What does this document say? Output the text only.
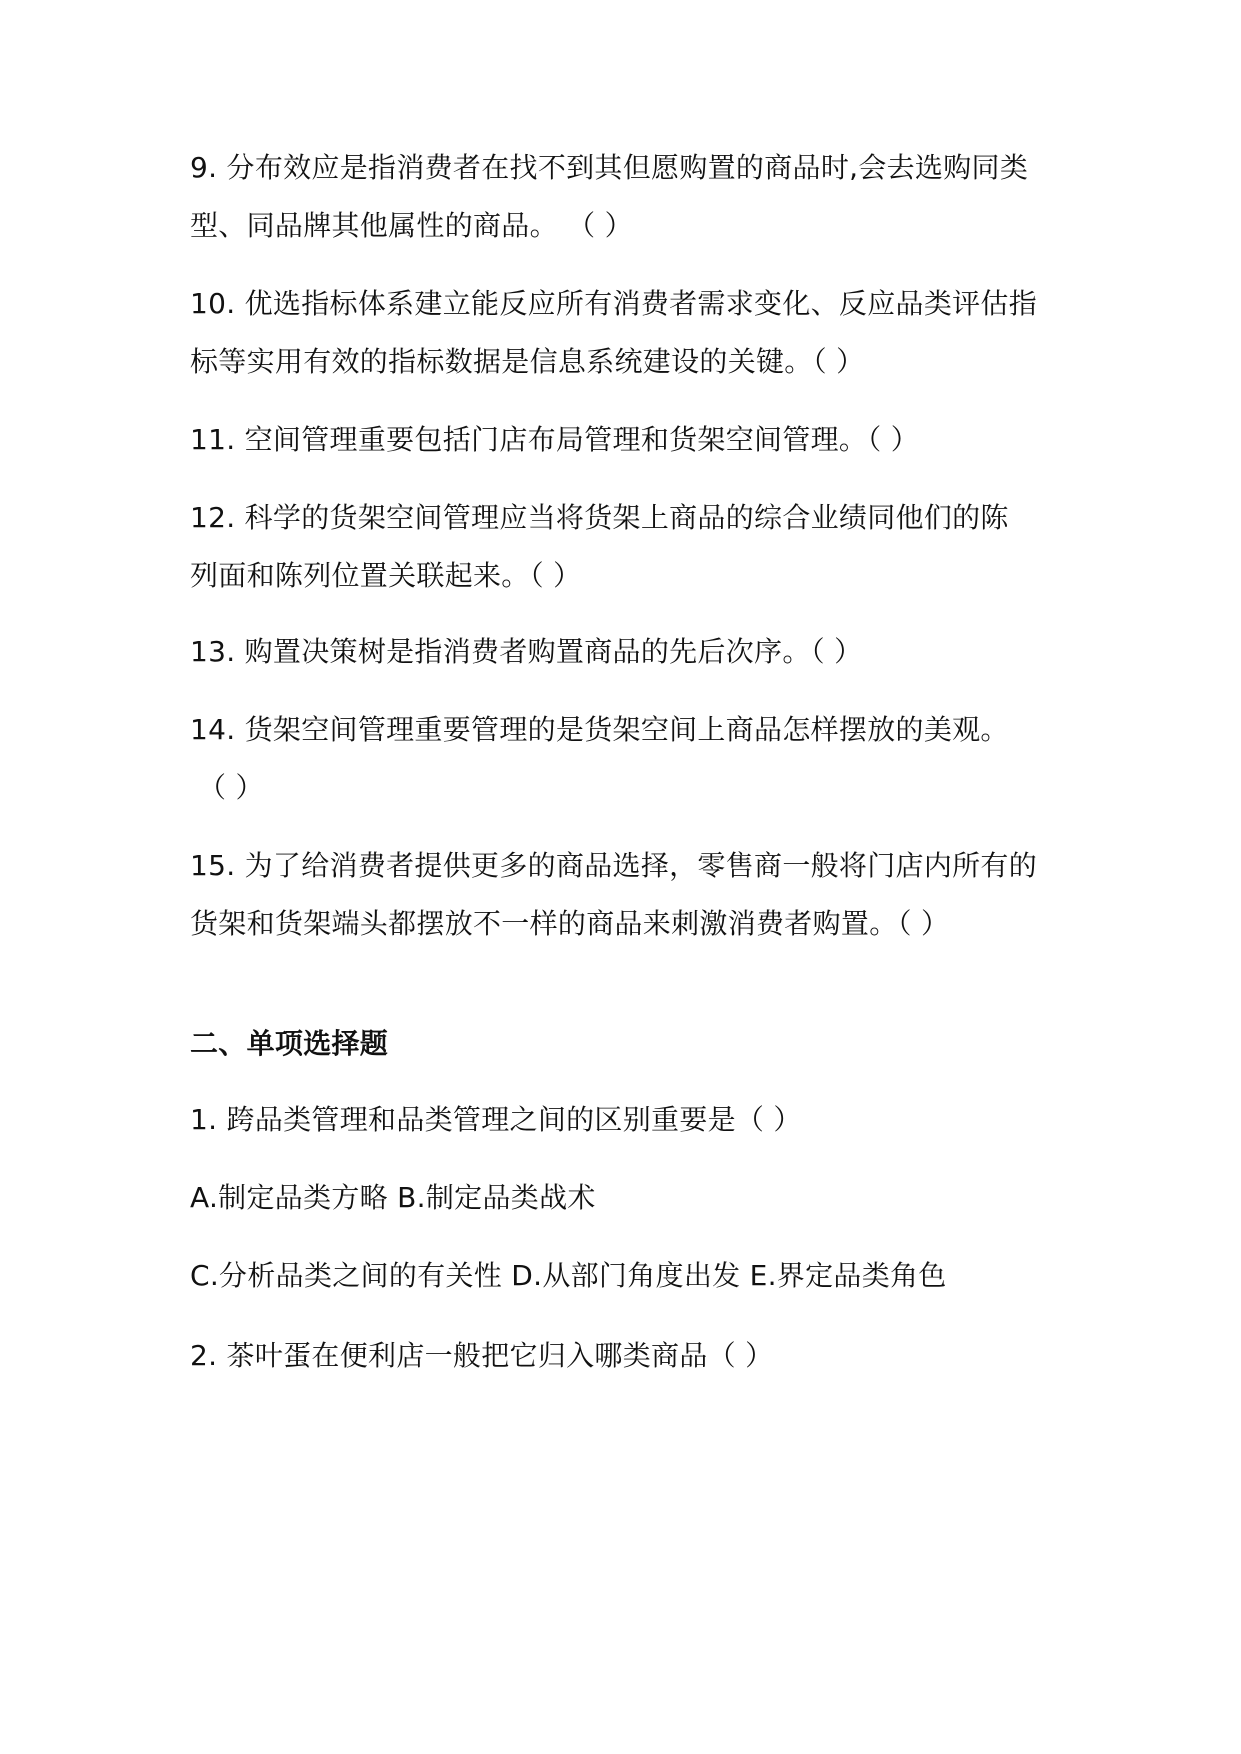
9. 分布效应是指消费者在找不到其但愿购置的商品时,会去选购同类
型、同品牌其他属性的商品。 （ ）
10. 优选指标体系建立能反应所有消费者需求变化、反应品类评估指
标等实用有效的指标数据是信息系统建设的关键。（ ）
11. 空间管理重要包括门店布局管理和货架空间管理。（ ）
12. 科学的货架空间管理应当将货架上商品的综合业绩同他们的陈
列面和陈列位置关联起来。（ ）
13. 购置决策树是指消费者购置商品的先后次序。（ ）
14. 货架空间管理重要管理的是货架空间上商品怎样摆放的美观。
（ ）
15. 为了给消费者提供更多的商品选择，零售商一般将门店内所有的
货架和货架端头都摆放不一样的商品来刺激消费者购置。（ ）
二、单项选择题
1. 跨品类管理和品类管理之间的区别重要是（ ）
A.制定品类方略 B.制定品类战术
C.分析品类之间的有关性 D.从部门角度出发 E.界定品类角色
2. 茶叶蛋在便利店一般把它归入哪类商品（ ）
